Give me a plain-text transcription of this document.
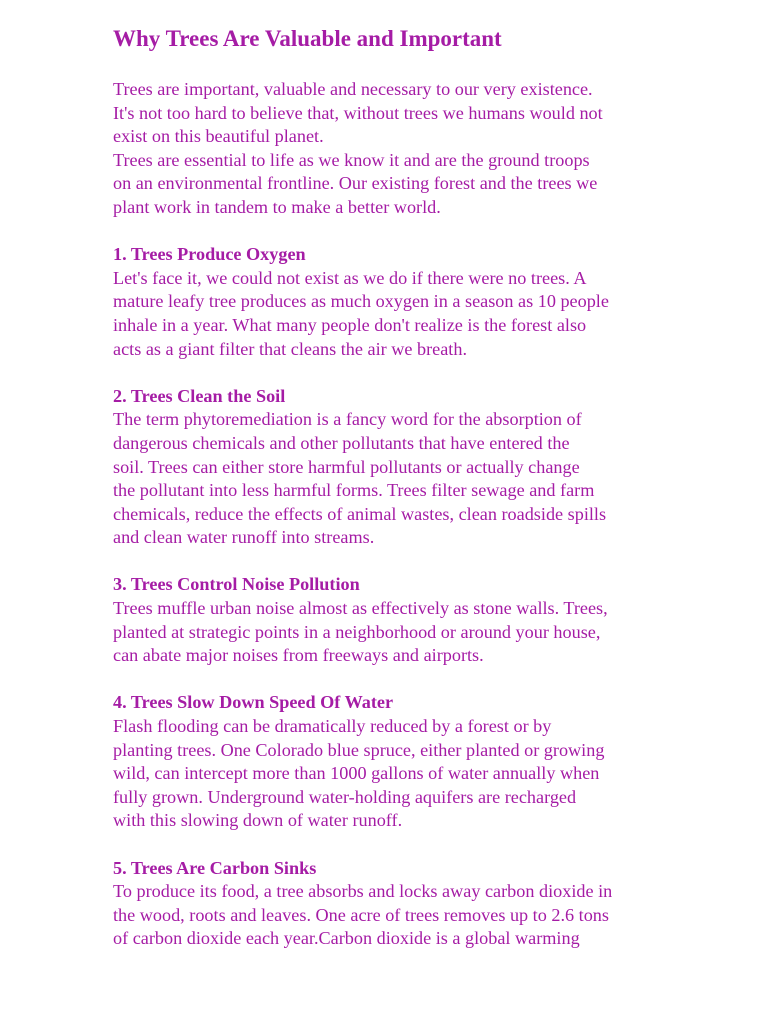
Why Trees Are Valuable and Important

Trees are important, valuable and necessary to our very existence.
It's not too hard to believe that, without trees we humans would not
exist on this beautiful planet.
Trees are essential to life as we know it and are the ground troops
on an environmental frontline. Our existing forest and the trees we
plant work in tandem to make a better world.

1. Trees Produce Oxygen

Let's face it, we could not exist as we do if there were no trees. A
mature leafy tree produces as much oxygen in a season as 10 people
inhale in a year. What many people don't realize is the forest also
acts as a giant filter that cleans the air we breath.

2. Trees Clean the Soil

The term phytoremediation is a fancy word for the absorption of
dangerous chemicals and other pollutants that have entered the
soil. Trees can either store harmful pollutants or actually change
the pollutant into less harmful forms. Trees filter sewage and farm
chemicals, reduce the effects of animal wastes, clean roadside spills
and clean water runoff into streams.

3. Trees Control Noise Pollution

Trees muffle urban noise almost as effectively as stone walls. Trees,
planted at strategic points in a neighborhood or around your house,
can abate major noises from freeways and airports.

4. Trees Slow Down Speed Of Water

Flash flooding can be dramatically reduced by a forest or by
planting trees. One Colorado blue spruce, either planted or growing
wild, can intercept more than 1000 gallons of water annually when
fully grown. Underground water-holding aquifers are recharged
with this slowing down of water runoff.

5. Trees Are Carbon Sinks

To produce its food, a tree absorbs and locks away carbon dioxide in
the wood, roots and leaves. One acre of trees removes up to 2.6 tons
of carbon dioxide each year.Carbon dioxide is a global warming
